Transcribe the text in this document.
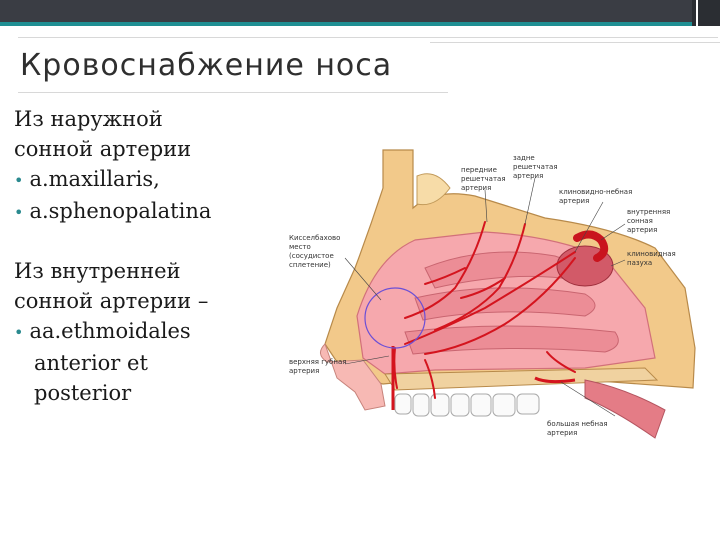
Кровоснабжение носа
Из наружной
сонной артерии
• a.maxillaris,
• a.sphenopalatina
Из внутренней
сонной артерии –
• aa.ethmoidales
anterior et
posterior
Кисселбахово место (сосудистое сплетение)
верхняя губная артерия
передние решетчатая артерия
задне решетчатая артерия
клиновидно-небная артерия
внутренняя сонная артерия
клиновидная пазуха
большая небная артерия
